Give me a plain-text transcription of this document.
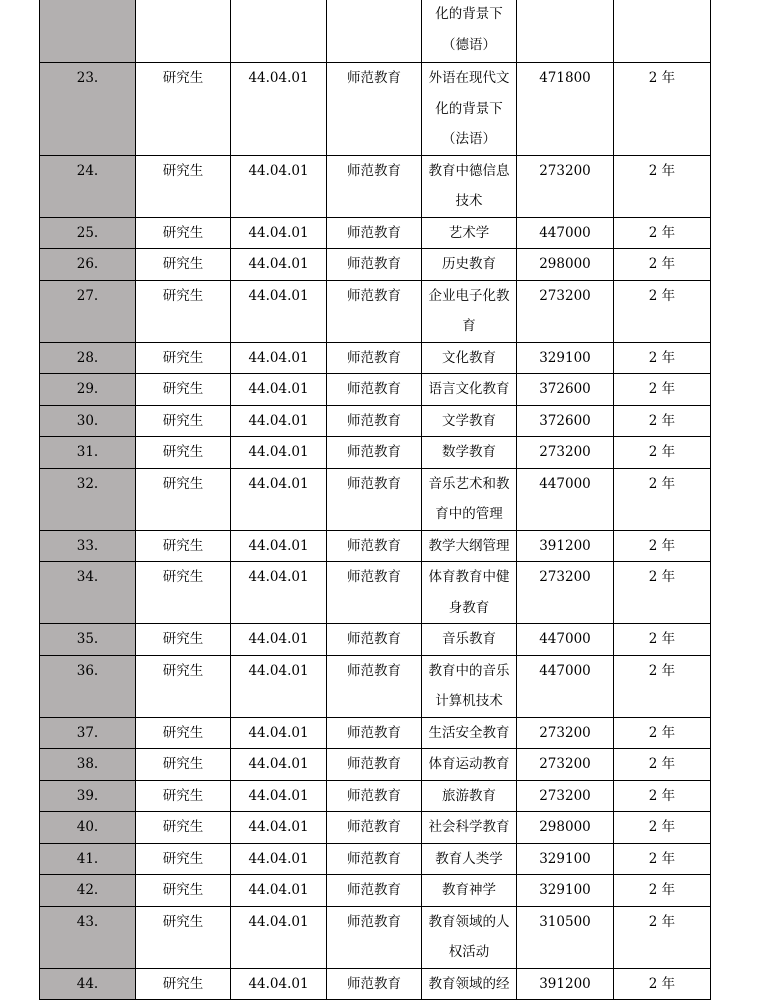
				化的背景下（德语）		
23.	研究生	44.04.01	师范教育	外语在现代文化的背景下（法语）	471800	2 年
24.	研究生	44.04.01	师范教育	教育中德信息技术	273200	2 年
25.	研究生	44.04.01	师范教育	艺术学	447000	2 年
26.	研究生	44.04.01	师范教育	历史教育	298000	2 年
27.	研究生	44.04.01	师范教育	企业电子化教育	273200	2 年
28.	研究生	44.04.01	师范教育	文化教育	329100	2 年
29.	研究生	44.04.01	师范教育	语言文化教育	372600	2 年
30.	研究生	44.04.01	师范教育	文学教育	372600	2 年
31.	研究生	44.04.01	师范教育	数学教育	273200	2 年
32.	研究生	44.04.01	师范教育	音乐艺术和教育中的管理	447000	2 年
33.	研究生	44.04.01	师范教育	教学大纲管理	391200	2 年
34.	研究生	44.04.01	师范教育	体育教育中健身教育	273200	2 年
35.	研究生	44.04.01	师范教育	音乐教育	447000	2 年
36.	研究生	44.04.01	师范教育	教育中的音乐计算机技术	447000	2 年
37.	研究生	44.04.01	师范教育	生活安全教育	273200	2 年
38.	研究生	44.04.01	师范教育	体育运动教育	273200	2 年
39.	研究生	44.04.01	师范教育	旅游教育	273200	2 年
40.	研究生	44.04.01	师范教育	社会科学教育	298000	2 年
41.	研究生	44.04.01	师范教育	教育人类学	329100	2 年
42.	研究生	44.04.01	师范教育	教育神学	329100	2 年
43.	研究生	44.04.01	师范教育	教育领域的人权活动	310500	2 年
44.	研究生	44.04.01	师范教育	教育领域的经	391200	2 年
